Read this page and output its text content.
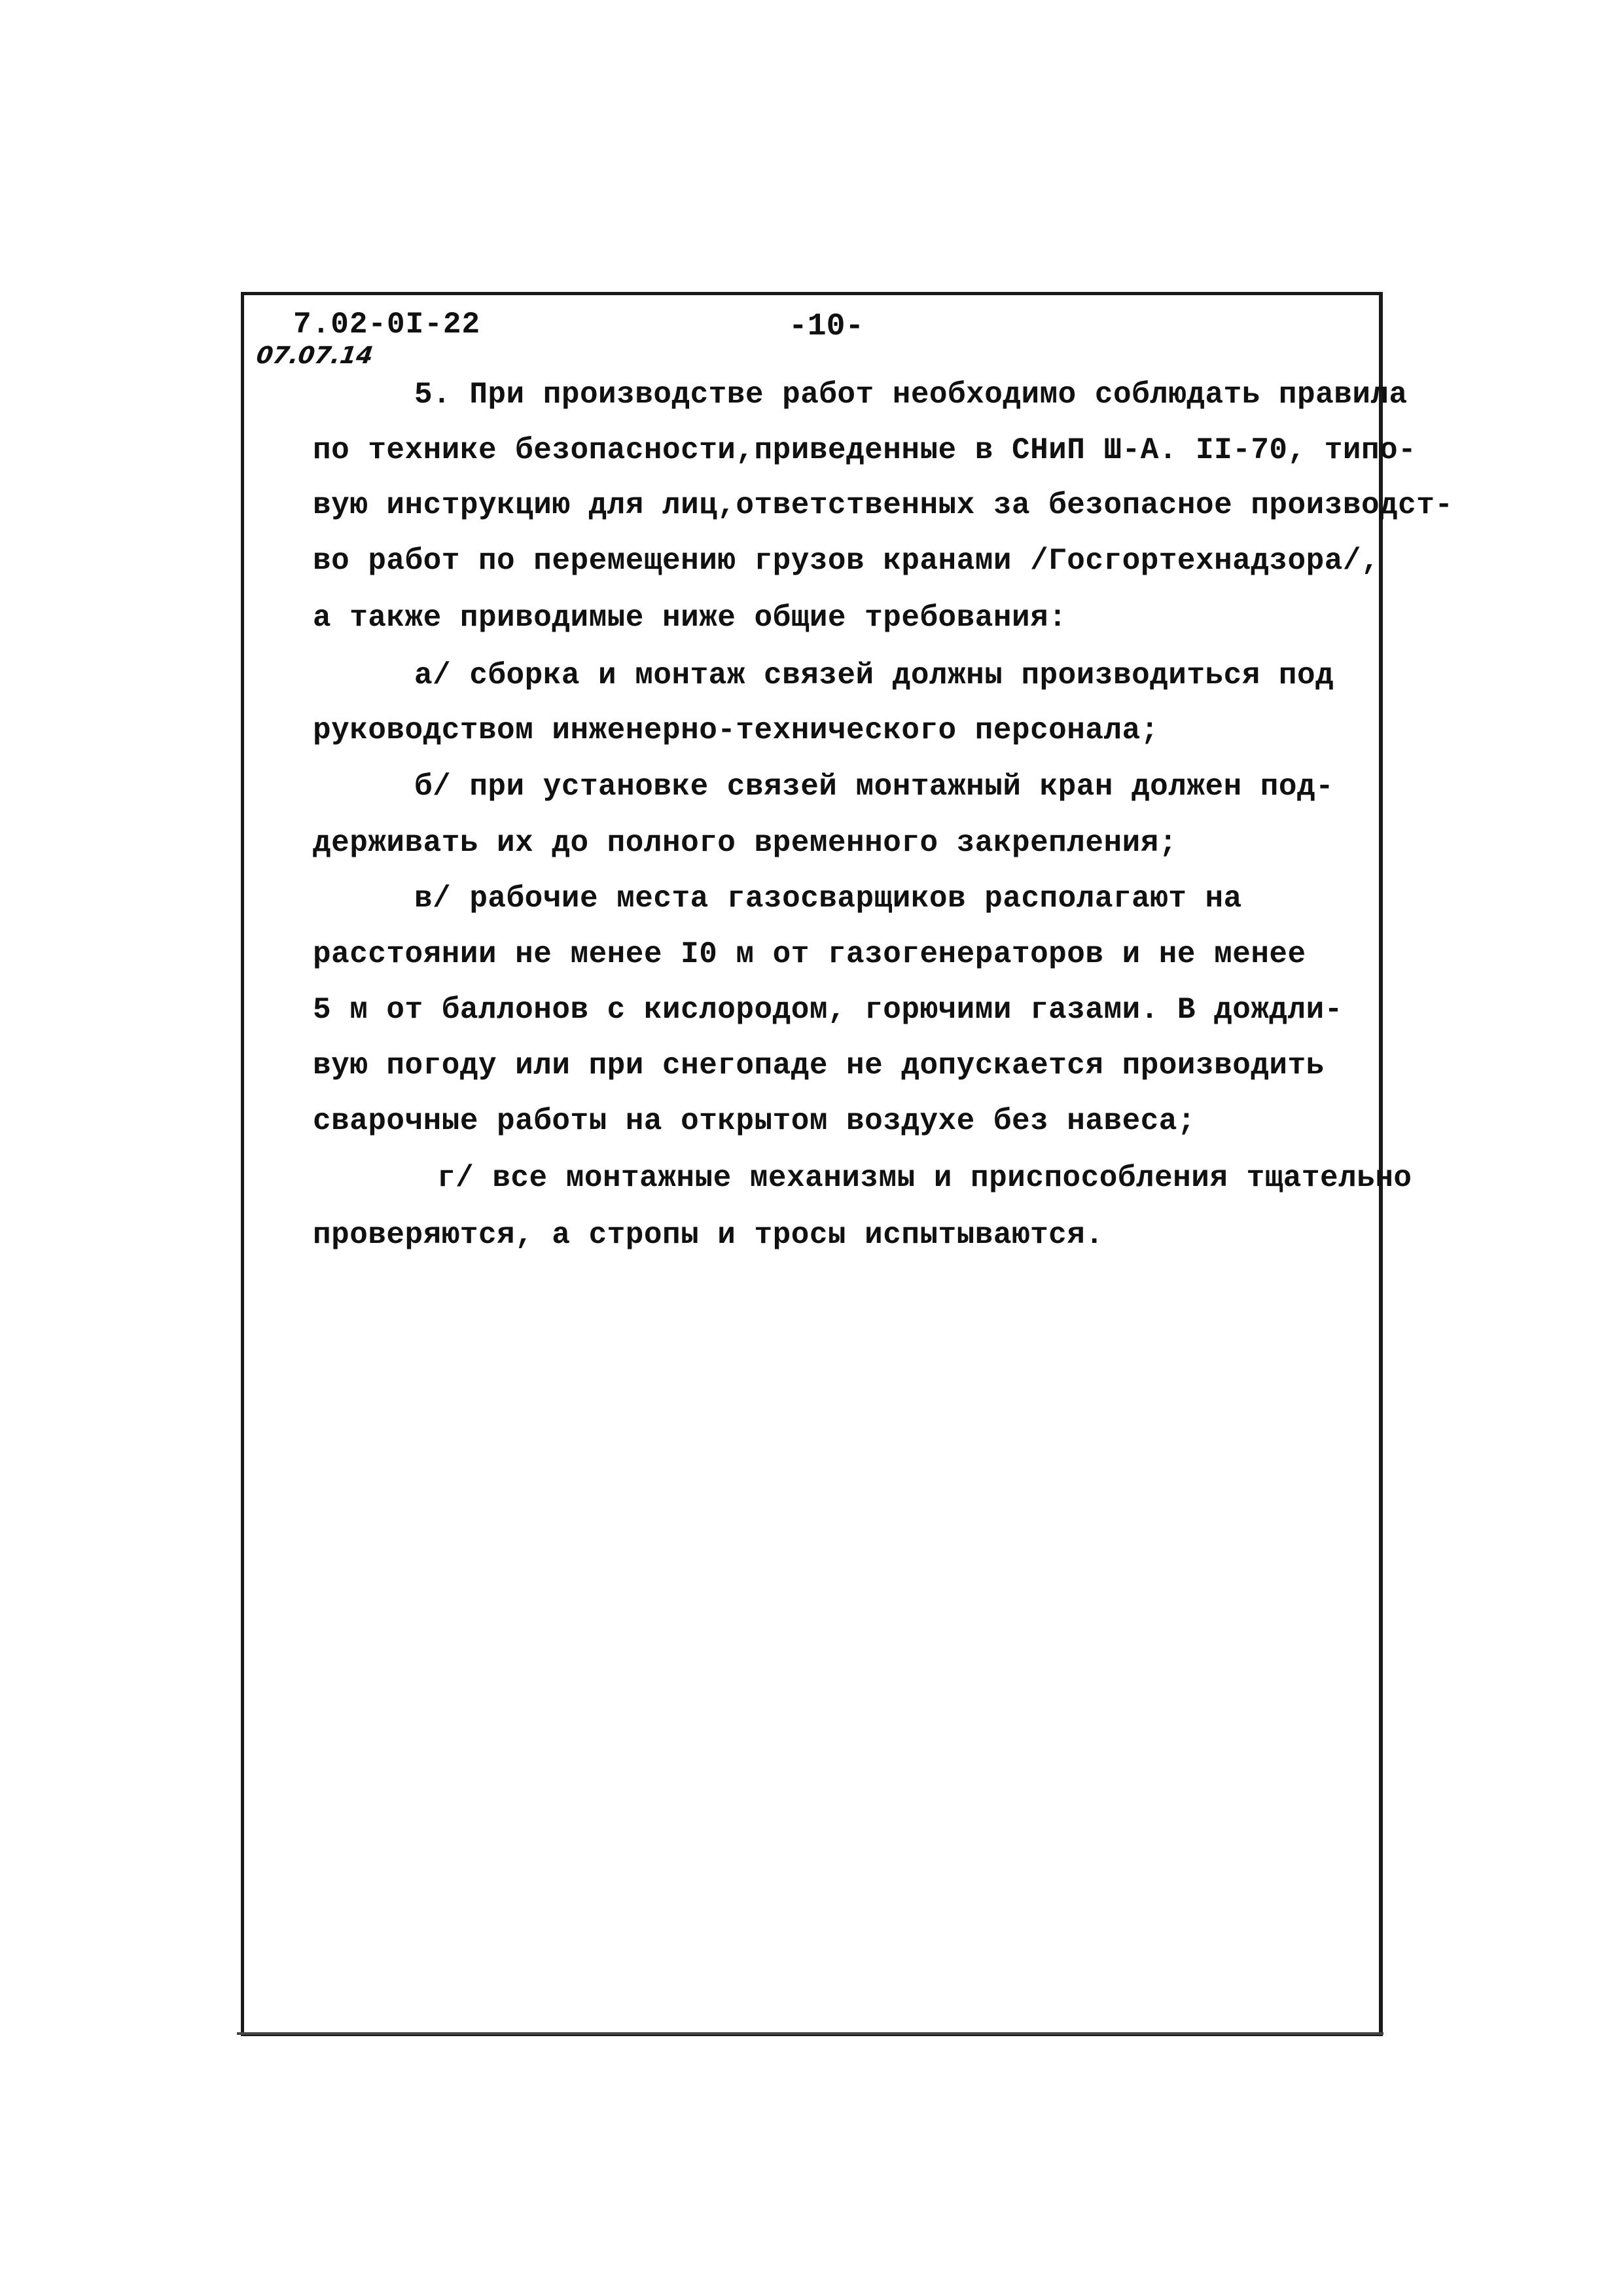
7.02-0I-22
07.07.14
-10-
5. При производстве работ необходимо соблюдать правила
по технике безопасности,приведенные в СНиП Ш-А. II-70, типо-
вую инструкцию для лиц,ответственных за безопасное производст-
во работ по перемещению грузов кранами /Госгортехнадзора/,
а также приводимые ниже общие требования:
а/ сборка и монтаж связей должны производиться под
руководством инженерно-технического персонала;
б/ при установке связей монтажный кран должен под-
держивать их до полного временного закрепления;
в/ рабочие места газосварщиков располагают на
расстоянии не менее I0 м от газогенераторов и не менее
5 м от баллонов с кислородом, горючими газами. В дождли-
вую погоду или при снегопаде не допускается производить
сварочные работы на открытом воздухе без навеса;
г/ все монтажные механизмы и приспособления тщательно
проверяются, а стропы и тросы испытываются.
